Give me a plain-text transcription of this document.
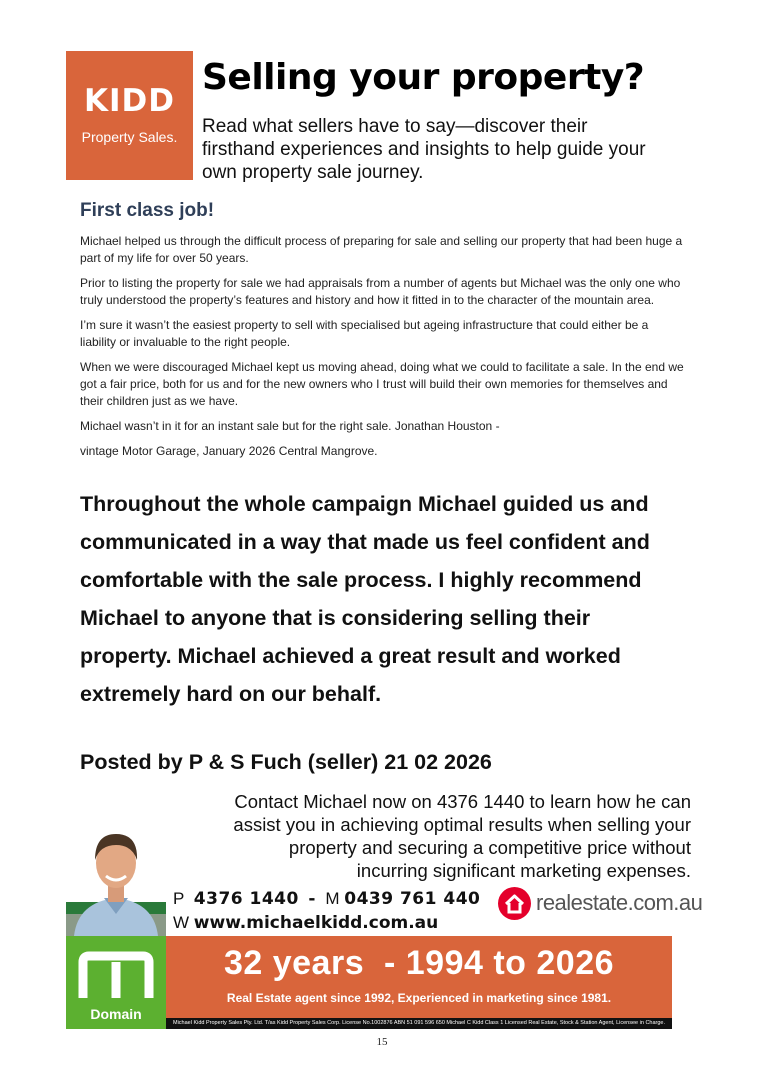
KIDD
Property Sales.
Selling your property?

Read what sellers have to say—discover their firsthand experiences and insights to help guide your own property sale journey.

First class job!

Michael helped us through the difficult process of preparing for sale and selling our property that had been huge a part of my life for over 50 years.

Prior to listing the property for sale we had appraisals from a number of agents but Michael was the only one who truly understood the property’s features and history and how it fitted in to the character of the mountain area.

I’m sure it wasn’t the easiest property to sell with specialised but ageing infrastructure that could either be a liability or invaluable to the right people.

When we were discouraged Michael kept us moving ahead, doing what we could to facilitate a sale. In the end we got a fair price, both for us and for the new owners who I trust will build their own memories for themselves and their children just as we have.

Michael wasn’t in it for an instant sale but for the right sale. Jonathan Houston -

vintage Motor Garage, January 2026 Central Mangrove.

Throughout the whole campaign Michael guided us and communicated in a way that made us feel confident and comfortable with the sale process. I highly recommend Michael to anyone that is considering selling their property. Michael achieved a great result and worked extremely hard on our behalf.

Posted by P & S Fuch (seller) 21 02 2026

Contact Michael now on 4376 1440 to learn how he can
assist you in achieving optimal results when selling your
property and securing a competitive price without
incurring significant marketing expenses.
P 4376 1440 - M 0439 761 440
W www.michaelkidd.com.au
realestate.com.au
Domain
32 years  - 1994 to 2026
Real Estate agent since 1992, Experienced in marketing since 1981.
Michael Kidd Property Sales Pty. Ltd. T/as Kidd Property Sales Corp. License No.1002876 ABN 51 091 596 650 Michael C Kidd Class 1 Licensed Real Estate, Stock & Station Agent, Licensee in Charge.
15
